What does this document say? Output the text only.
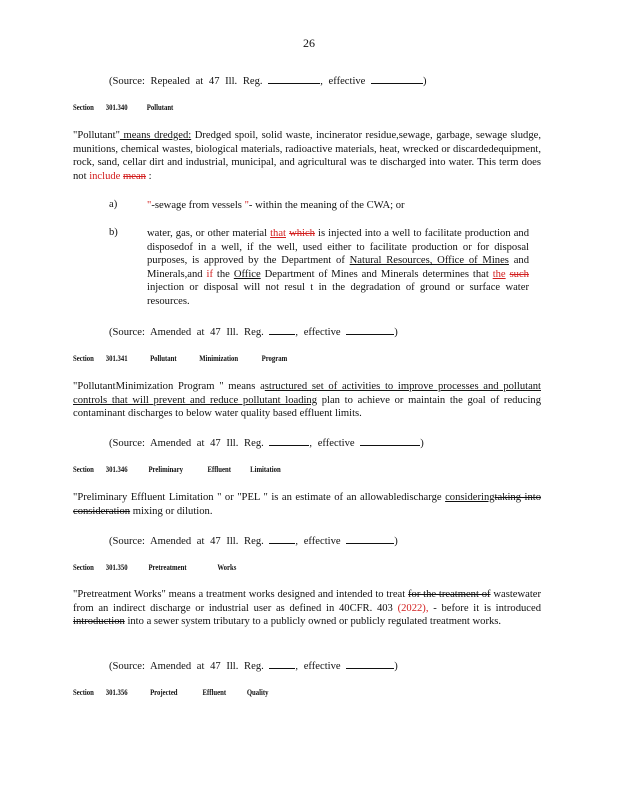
26
(Source: Repealed at 47 Ill. Reg.	, effective	)
Section 301.340 Pollutant
"Pollutant" means dredged: Dredged spoil, solid waste, incinerator residue,sewage, garbage, sewage sludge, munitions, chemical wastes, biological materials, radioactive materials, heat, wrecked or discardedequipment, rock, sand, cellar dirt and industrial, municipal, and agricultural was te discharged into water. This term does not include mean :
a)	"-sewage from vessels "- within the meaning of the CWA; or
b)	water, gas, or other material that which is injected into a well to facilitate production and disposedof in a well, if the well, used either to facilitate production or for disposal purposes, is approved by the Department of Natural Resources, Office of Mines and Minerals,and if the Office Department of Mines and Minerals determines that the such injection or disposal will not resul t in the degradation of ground or surface water resources.
(Source: Amended at 47 Ill. Reg.	, effective	)
Section 301.341	Pollutant	Minimization	Program
"PollutantMinimization Program " means astructured set of activities to improve processes and pollutant controls that will prevent and reduce pollutant loading plan to achieve or maintain the goal of reducing contaminant discharges to below water quality based effluent limits.
(Source: Amended at 47 Ill. Reg.	, effective	)
Section 301.346	Preliminary	Effluent Limitation
"Preliminary Effluent Limitation " or "PEL " is an estimate of an allowabledischarge consideringtaking into consideration mixing or dilution.
(Source: Amended at 47 Ill. Reg.	, effective	)
Section 301.350	Pretreatment	Works
"Pretreatment Works" means a treatment works designed and intended to treat for the treatment of wastewater from an indirect discharge or industrial user as defined in 40CFR. 403 (2022), - before it is introduced introduction into a sewer system tributary to a publicly owned or publicly regulated treatment works.
(Source: Amended at 47 Ill. Reg.	, effective	)
Section 301.356	Projected	Effluent	Quality
